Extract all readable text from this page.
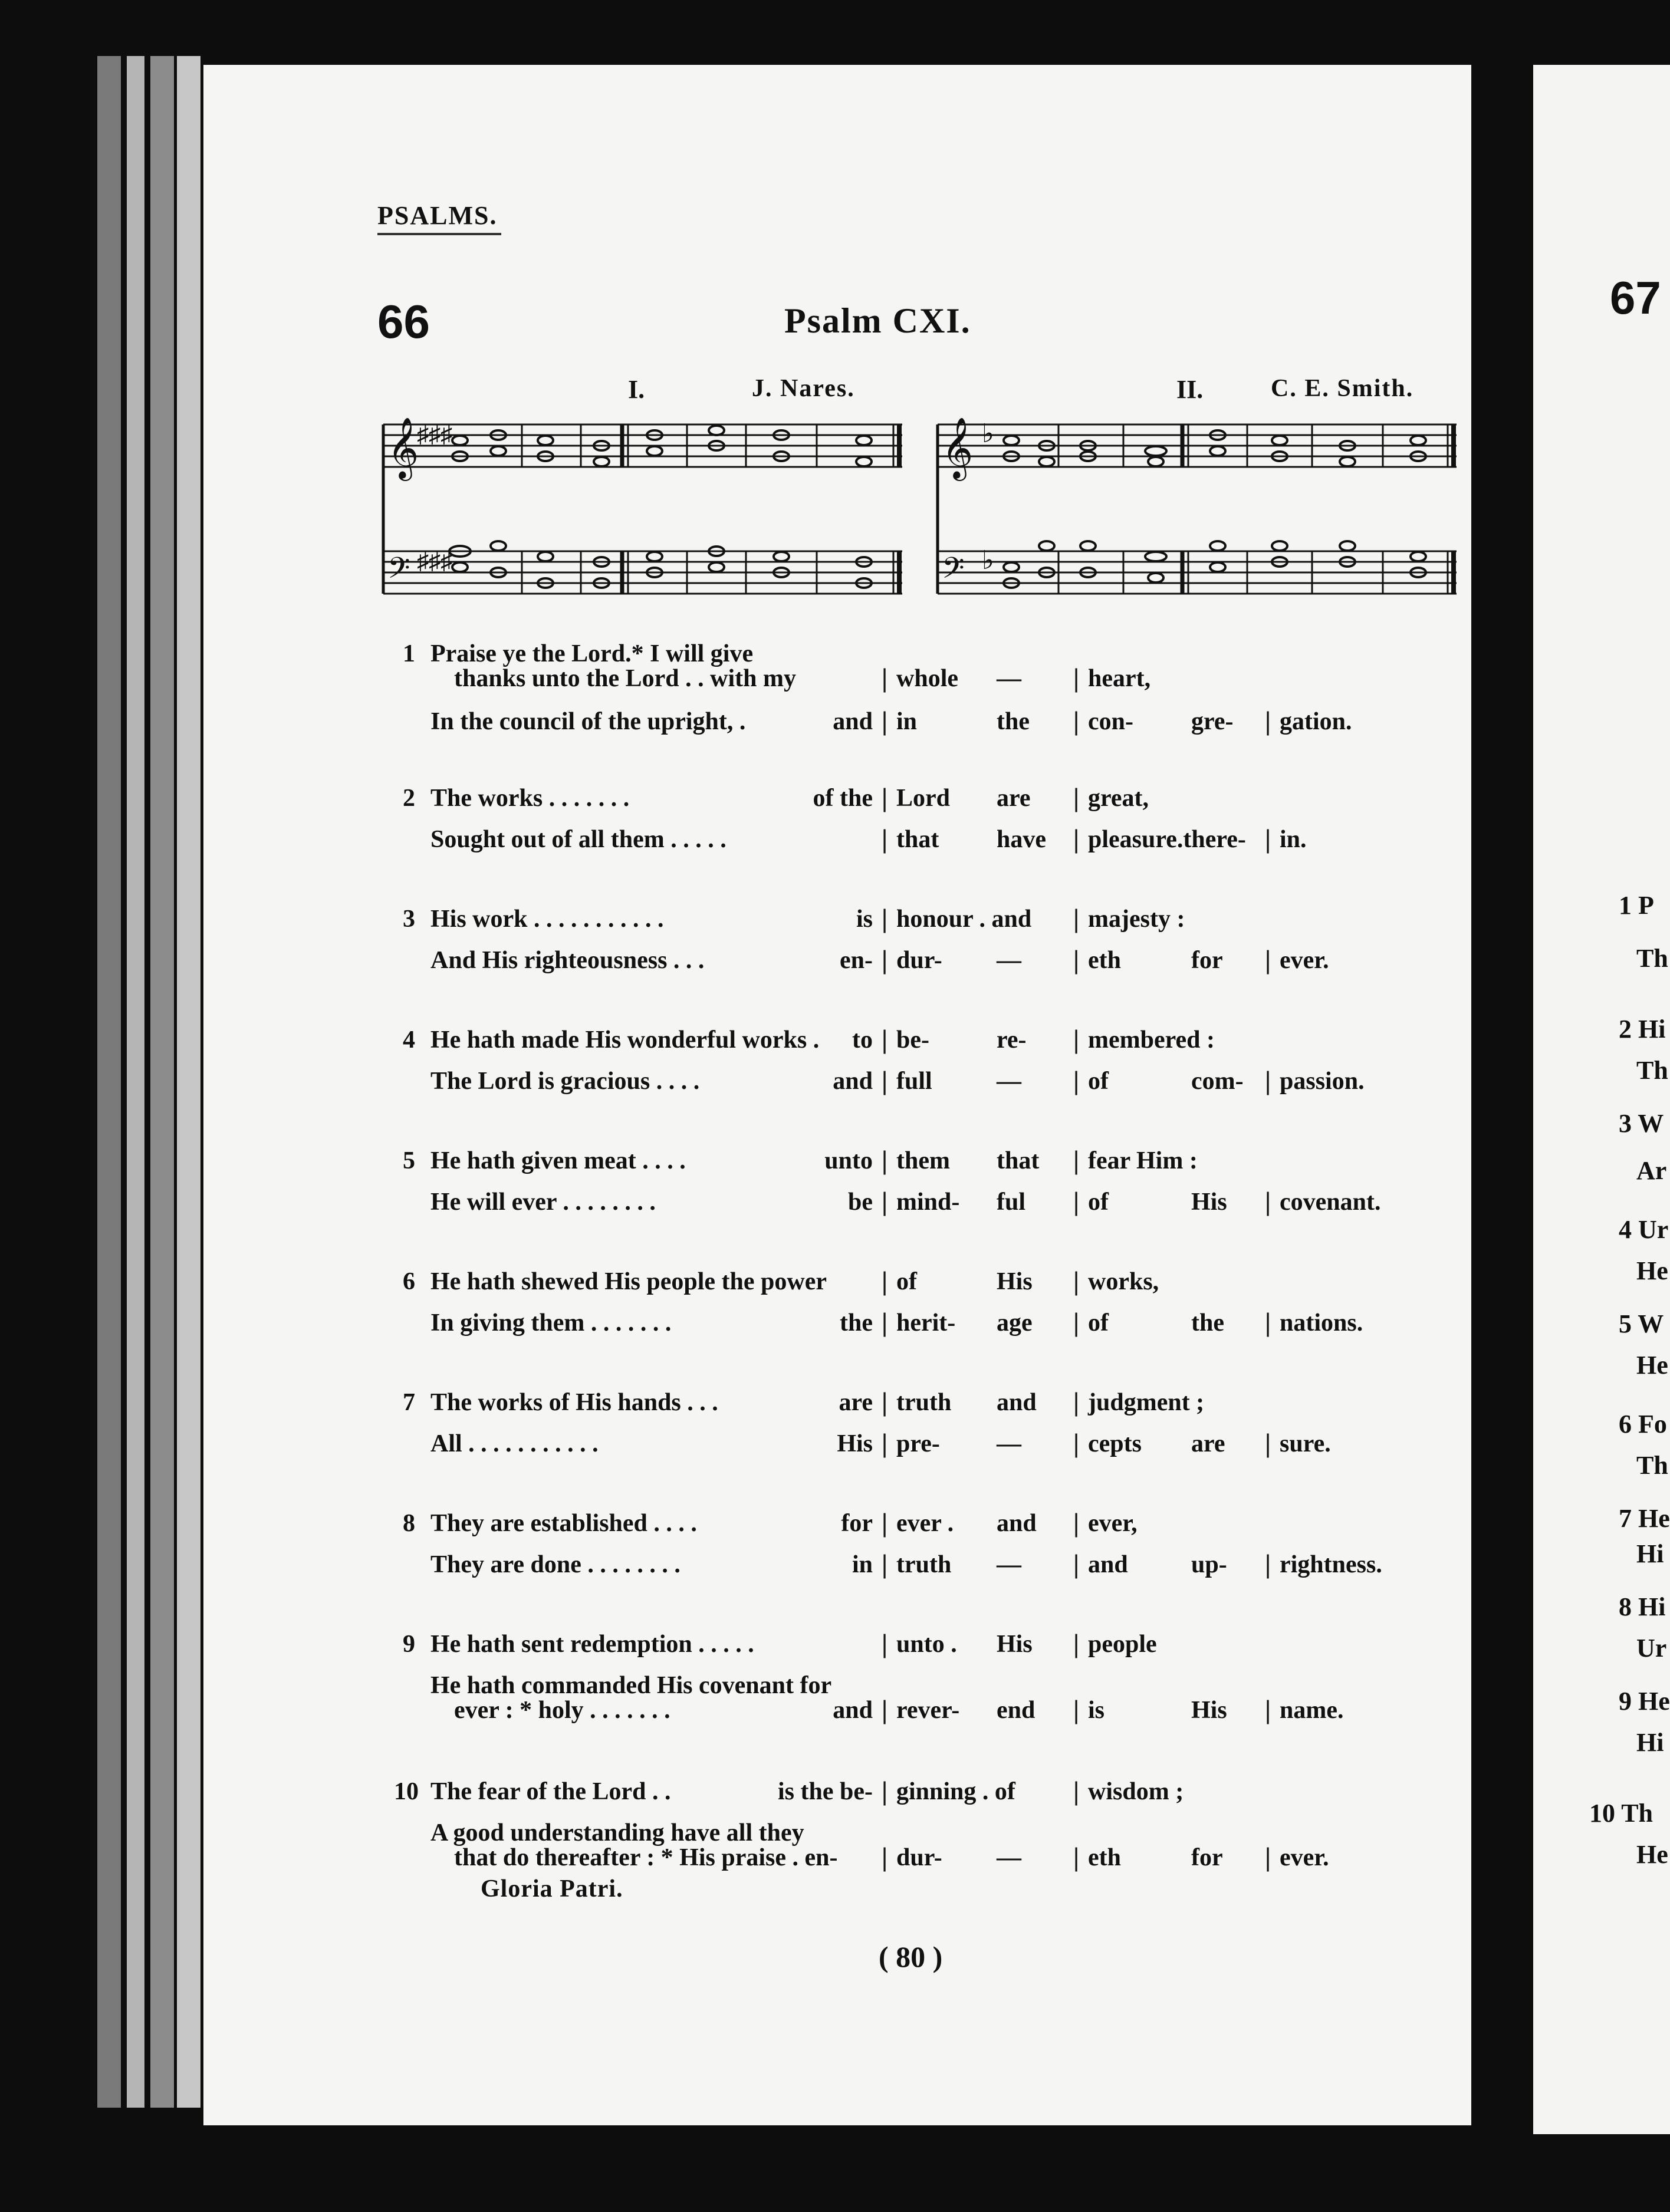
67
1 P
Th
2 Hi
Th
3 W
Ar
4 Ur
He
5 W
He
6 Fo
Th
7 He
Hi
8 Hi
Ur
9 He
Hi
10 Th
He
PSALMS.
66	Psalm CXI.
I.	J. Nares.	II.	C. E. Smith.
𝄞
𝄢
♯♯♯
♯♯♯
𝄞
𝄢
♭
♭
1 Praise ye the Lord.* I will give
thanks unto the Lord . . with my	| whole — | heart,
In the council of the upright, .	and | in	the | con- gre- | gation.
2 The works . . . . . . .	of the | Lord are | great,
Sought out of all them . . . . .	| that have | pleasure.there- | in.
3 His work . . . . . . . . . . .	is | honour . and | majesty :
And His righteousness . . .	en- | dur- — | eth	for | ever.
4 He hath made His wonderful works . to | be-	re- | membered :
The Lord is gracious . . . .	and | full	— | of	com- | passion.
5 He hath given meat . . . .	unto | them that | fear Him :
He will ever . . . . . . . .	be | mind- ful | of	His | covenant.
6 He hath shewed His people the power | of	His | works,
In giving them . . . . . . .	the | herit- age | of	the | nations.
7 The works of His hands . . .	are | truth and | judgment ;
All . . . . . . . . . . .	His | pre- — | cepts are | sure.
8 They are established . . . .	for | ever . and | ever,
They are done . . . . . . . .	in | truth — | and	up- | rightness.
9 He hath sent redemption . . . . .	| unto . His | people
He hath commanded His covenant for
ever : * holy . . . . . . .	and | rever- end | is	His | name.
10 The fear of the Lord . .	is the be- | ginning . of | wisdom ;
A good understanding have all they
that do thereafter : * His praise . en- | dur- — | eth	for | ever.
Gloria Patri.
( 80 )
